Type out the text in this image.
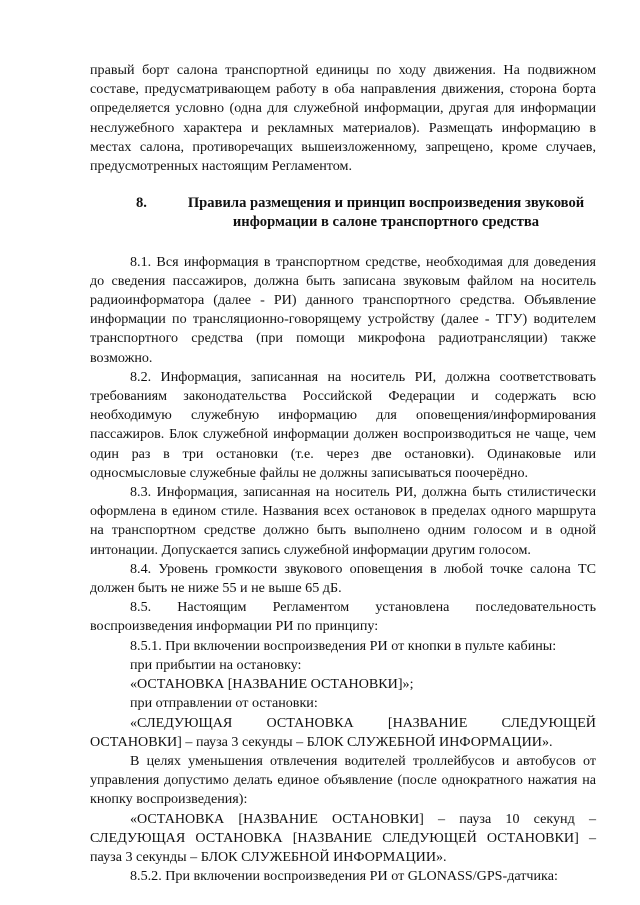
правый борт салона транспортной единицы по ходу движения. На подвижном составе, предусматривающем работу в оба направления движения, сторона борта определяется условно (одна для служебной информации, другая для информации неслужебного характера и рекламных материалов). Размещать информацию в местах салона, противоречащих вышеизложенному, запрещено, кроме случаев, предусмотренных настоящим Регламентом.

8.	Правила размещения и принцип воспроизведения звуковой информации в салоне транспортного средства

8.1. Вся информация в транспортном средстве, необходимая для доведения до сведения пассажиров, должна быть записана звуковым файлом на носитель радиоинформатора (далее - РИ) данного транспортного средства. Объявление информации по трансляционно-говорящему устройству (далее - ТГУ) водителем транспортного средства (при помощи микрофона радиотрансляции) также возможно.

8.2. Информация, записанная на носитель РИ, должна соответствовать требованиям законодательства Российской Федерации и содержать всю необходимую служебную информацию для оповещения/информирования пассажиров. Блок служебной информации должен воспроизводиться не чаще, чем один раз в три остановки (т.е. через две остановки). Одинаковые или односмысловые служебные файлы не должны записываться поочерёдно.

8.3. Информация, записанная на носитель РИ, должна быть стилистически оформлена в едином стиле. Названия всех остановок в пределах одного маршрута на транспортном средстве должно быть выполнено одним голосом и в одной интонации. Допускается запись служебной информации другим голосом.

8.4. Уровень громкости звукового оповещения в любой точке салона ТС должен быть не ниже 55 и не выше 65 дБ.

8.5. Настоящим Регламентом установлена последовательность воспроизведения информации РИ по принципу:

8.5.1. При включении воспроизведения РИ от кнопки в пульте кабины:

при прибытии на остановку:

«ОСТАНОВКА [НАЗВАНИЕ ОСТАНОВКИ]»;

при отправлении от остановки:

«СЛЕДУЮЩАЯ ОСТАНОВКА [НАЗВАНИЕ СЛЕДУЮЩЕЙ ОСТАНОВКИ] – пауза 3 секунды – БЛОК СЛУЖЕБНОЙ ИНФОРМАЦИИ».

В целях уменьшения отвлечения водителей троллейбусов и автобусов от управления допустимо делать единое объявление (после однократного нажатия на кнопку воспроизведения):

«ОСТАНОВКА [НАЗВАНИЕ ОСТАНОВКИ] – пауза 10 секунд – СЛЕДУЮЩАЯ ОСТАНОВКА [НАЗВАНИЕ СЛЕДУЮЩЕЙ ОСТАНОВКИ] – пауза 3 секунды – БЛОК СЛУЖЕБНОЙ ИНФОРМАЦИИ».

8.5.2. При включении воспроизведения РИ от GLONASS/GPS-датчика:
